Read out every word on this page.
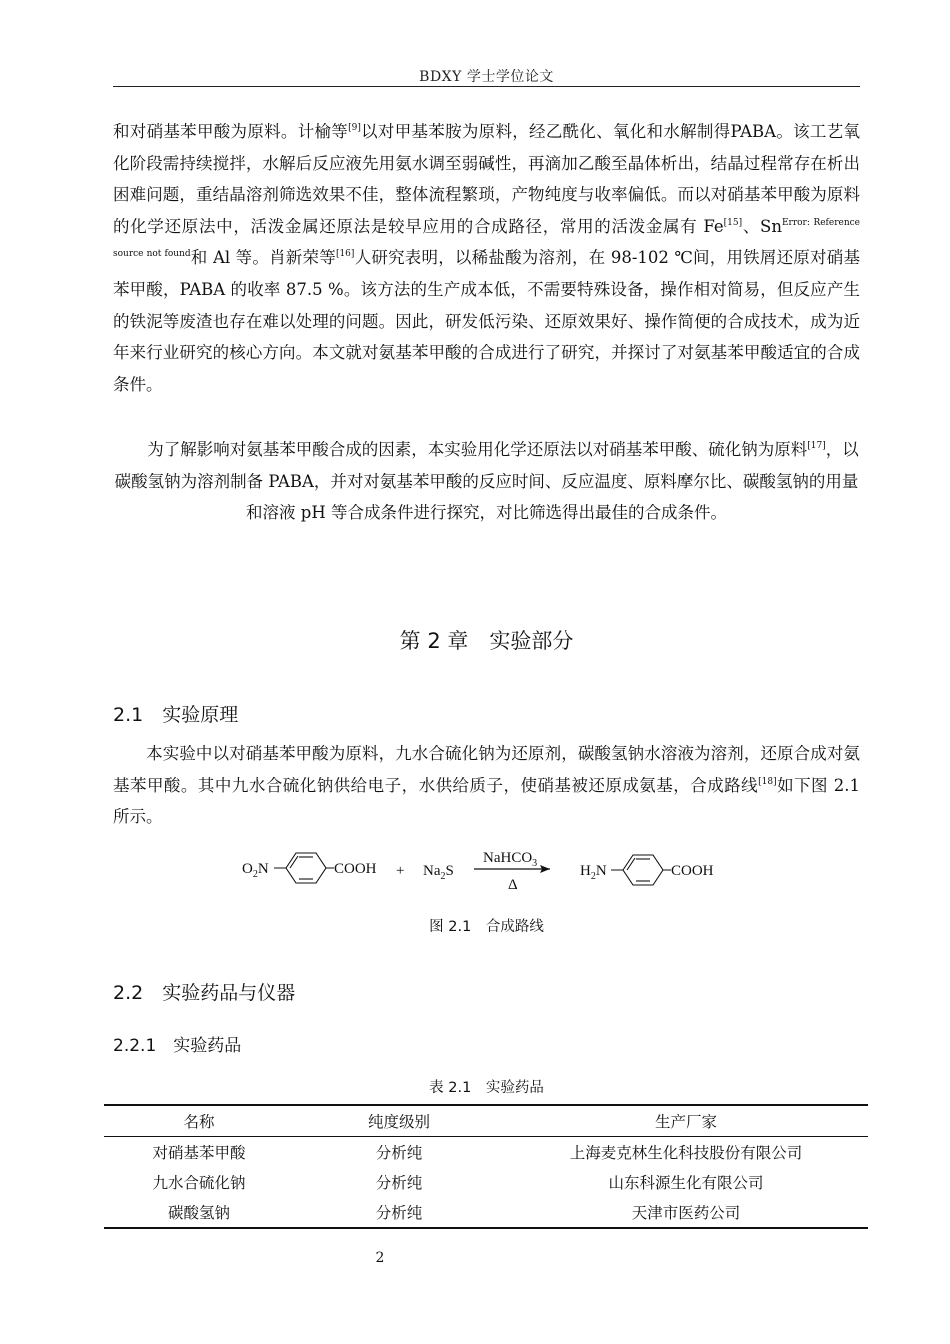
BDXY 学士学位论文

和对硝基苯甲酸为原料。计榆等[9]以对甲基苯胺为原料，经乙酰化、氧化和水解制得PABA。该工艺氧化阶段需持续搅拌，水解后反应液先用氨水调至弱碱性，再滴加乙酸至晶体析出，结晶过程常存在析出困难问题，重结晶溶剂筛选效果不佳，整体流程繁琐，产物纯度与收率偏低。而以对硝基苯甲酸为原料的化学还原法中，活泼金属还原法是较早应用的合成路径，常用的活泼金属有 Fe[15]、$Sn^{Error: Reference source not found}$和 Al 等。肖新荣等[16]人研究表明，以稀盐酸为溶剂，在 98-102 ℃间，用铁屑还原对硝基苯甲酸，PABA 的收率 87.5 %。该方法的生产成本低，不需要特殊设备，操作相对简易，但反应产生的铁泥等废渣也存在难以处理的问题。因此，研发低污染、还原效果好、操作简便的合成技术，成为近年来行业研究的核心方向。本文就对氨基苯甲酸的合成进行了研究，并探讨了对氨基苯甲酸适宜的合成条件。

为了解影响对氨基苯甲酸合成的因素，本实验用化学还原法以对硝基苯甲酸、硫化钠为原料[17]，以碳酸氢钠为溶剂制备 PABA，并对对氨基苯甲酸的反应时间、反应温度、原料摩尔比、碳酸氢钠的用量和溶液 pH 等合成条件进行探究，对比筛选得出最佳的合成条件。

第 2 章　实验部分
2.1　实验原理

本实验中以对硝基苯甲酸为原料，九水合硫化钠为还原剂，碳酸氢钠水溶液为溶剂，还原合成对氨基苯甲酸。其中九水合硫化钠供给电子，水供给质子，使硝基被还原成氨基，合成路线[18]如下图 2.1 所示。

$O_2N$	COOH + $Na_2S$
NaHCO$_3$
Δ
$H_2N$	COOH
图 2.1　合成路线
2.2　实验药品与仪器
2.2.1　实验药品
表 2.1　实验药品
名称	纯度级别	生产厂家
对硝基苯甲酸	分析纯	上海麦克林生化科技股份有限公司
九水合硫化钠	分析纯	山东科源生化有限公司
碳酸氢钠	分析纯	天津市医药公司
2
